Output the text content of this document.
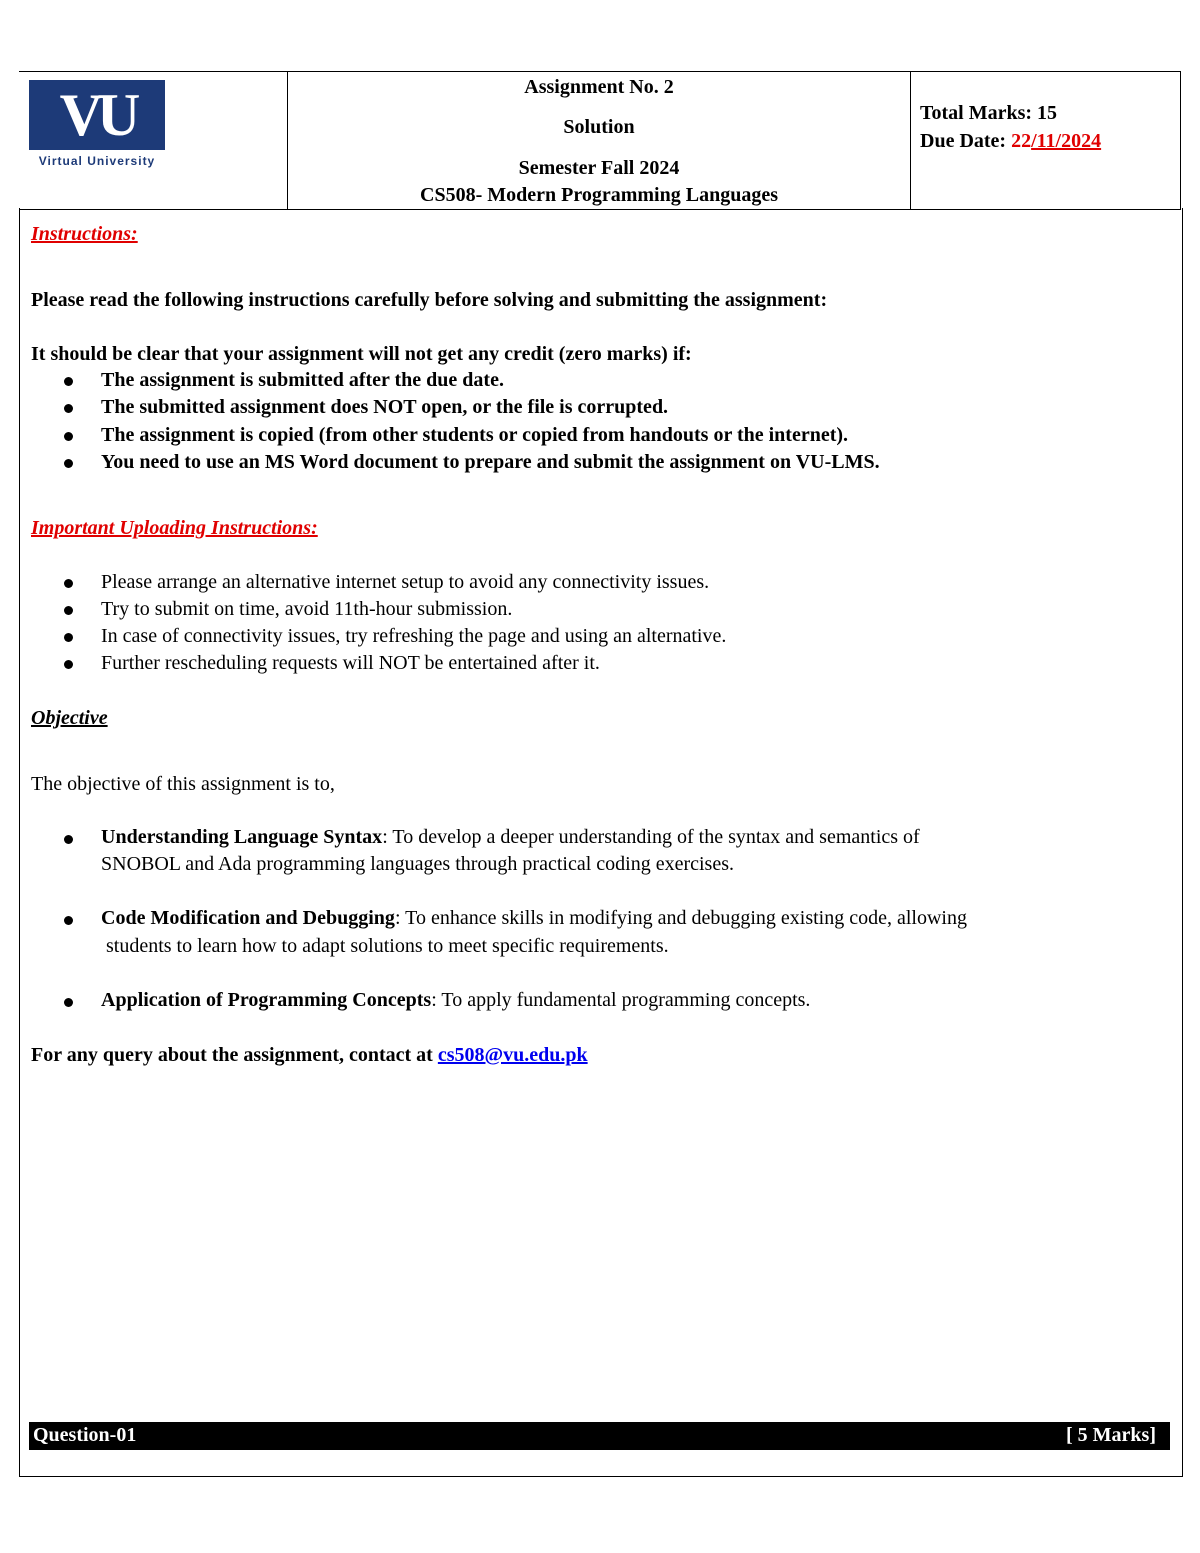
VU
Virtual University
Assignment No. 2
Solution
Semester Fall 2024
CS508- Modern Programming Languages
Total Marks: 15
Due Date: 22/11/2024
Instructions:
Please read the following instructions carefully before solving and submitting the assignment:
It should be clear that your assignment will not get any credit (zero marks) if:
The assignment is submitted after the due date.
The submitted assignment does NOT open, or the file is corrupted.
The assignment is copied (from other students or copied from handouts or the internet).
You need to use an MS Word document to prepare and submit the assignment on VU-LMS.
Important Uploading Instructions:
Please arrange an alternative internet setup to avoid any connectivity issues.
Try to submit on time, avoid 11th-hour submission.
In case of connectivity issues, try refreshing the page and using an alternative.
Further rescheduling requests will NOT be entertained after it.
Objective
The objective of this assignment is to,
Understanding Language Syntax: To develop a deeper understanding of the syntax and semantics of
SNOBOL and Ada programming languages through practical coding exercises.
Code Modification and Debugging: To enhance skills in modifying and debugging existing code, allowing
students to learn how to adapt solutions to meet specific requirements.
Application of Programming Concepts: To apply fundamental programming concepts.
For any query about the assignment, contact at cs508@vu.edu.pk
Question-01	[ 5 Marks]
